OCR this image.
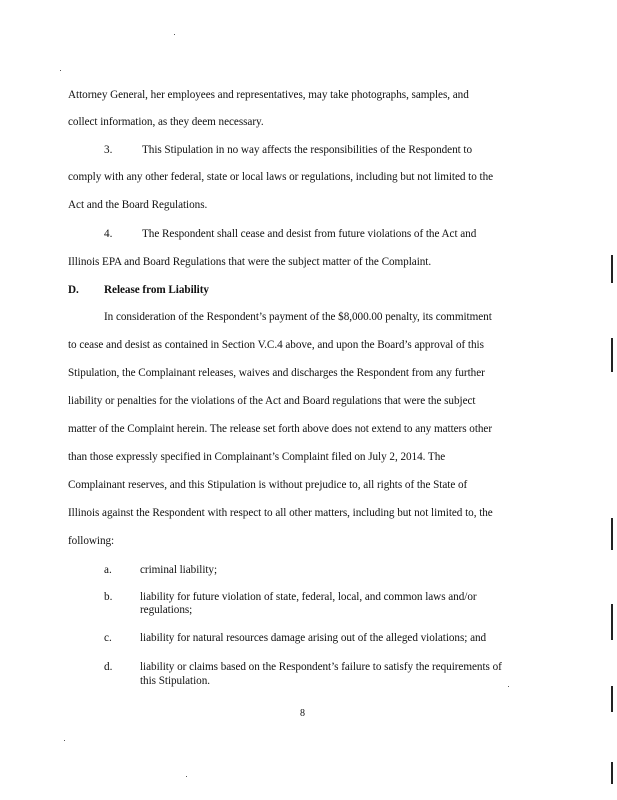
Attorney General, her employees and representatives, may take photographs, samples, and
collect information, as they deem necessary.
3.	This Stipulation in no way affects the responsibilities of the Respondent to
comply with any other federal, state or local laws or regulations, including but not limited to the
Act and the Board Regulations.
4.	The Respondent shall cease and desist from future violations of the Act and
Illinois EPA and Board Regulations that were the subject matter of the Complaint.
D. Release from Liability
In consideration of the Respondent’s payment of the $8,000.00 penalty, its commitment
to cease and desist as contained in Section V.C.4 above, and upon the Board’s approval of this
Stipulation, the Complainant releases, waives and discharges the Respondent from any further
liability or penalties for the violations of the Act and Board regulations that were the subject
matter of the Complaint herein. The release set forth above does not extend to any matters other
than those expressly specified in Complainant’s Complaint filed on July 2, 2014. The
Complainant reserves, and this Stipulation is without prejudice to, all rights of the State of
Illinois against the Respondent with respect to all other matters, including but not limited to, the
following:
a.	criminal liability;
b. liability for future violation of state, federal, local, and common laws and/or
regulations;
c.	liability for natural resources damage arising out of the alleged violations; and
d. liability or claims based on the Respondent’s failure to satisfy the requirements of
this Stipulation.
8
